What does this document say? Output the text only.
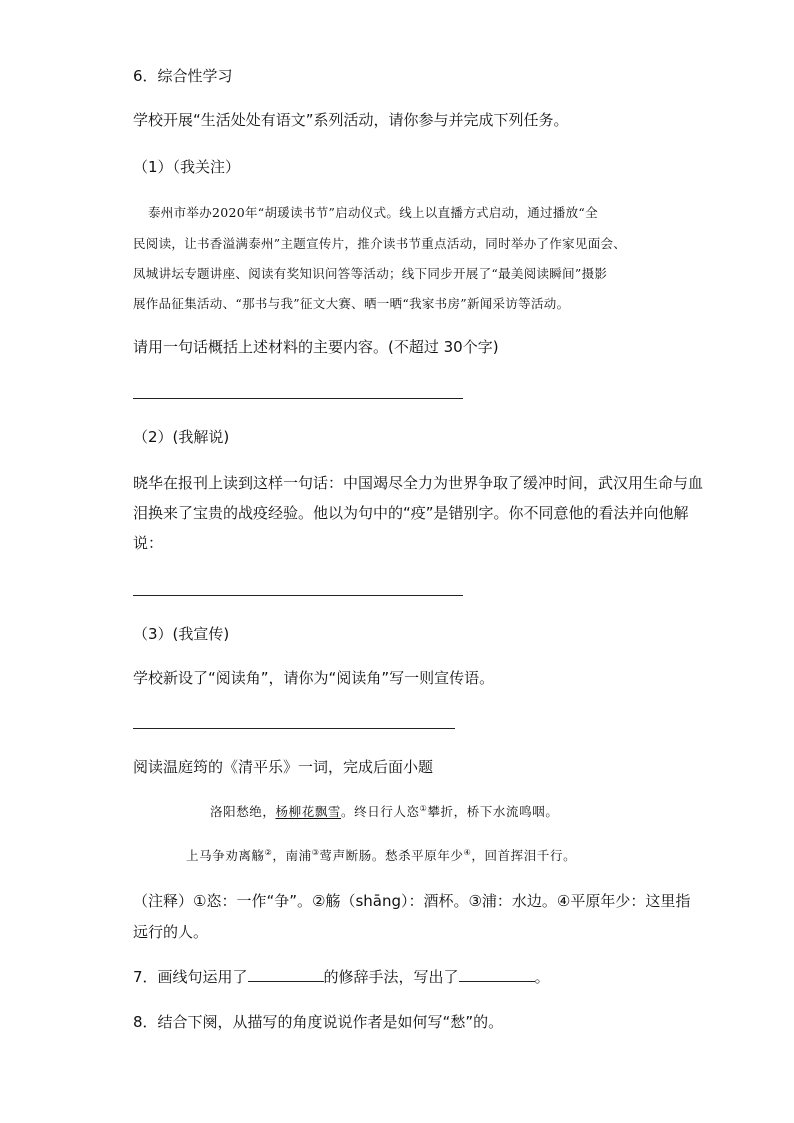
6．综合性学习
学校开展“生活处处有语文”系列活动，请你参与并完成下列任务。
（1）（我关注）
泰州市举办2020年“胡瑗读书节”启动仪式。线上以直播方式启动，通过播放“全
民阅读，让书香溢满泰州”主题宣传片，推介读书节重点活动，同时举办了作家见面会、
凤城讲坛专题讲座、阅读有奖知识问答等活动；线下同步开展了“最美阅读瞬间”摄影
展作品征集活动、“那书与我”征文大赛、晒一晒“我家书房”新闻采访等活动。
请用一句话概括上述材料的主要内容。(不超过 30个字)
（2）(我解说)
晓华在报刊上读到这样一句话：中国竭尽全力为世界争取了缓冲时间，武汉用生命与血
泪换来了宝贵的战疫经验。他以为句中的“疫”是错别字。你不同意他的看法并向他解
说：
（3）(我宣传)
学校新设了“阅读角”，请你为“阅读角”写一则宣传语。
阅读温庭筠的《清平乐》一词，完成后面小题
洛阳愁绝，杨柳花飘雪。终日行人恣①攀折，桥下水流鸣咽。
上马争劝离觞②，南浦③莺声断肠。愁杀平原年少④，回首挥泪千行。
（注释）①恣：一作“争”。②觞（shāng）：酒杯。③浦：水边。④平原年少：这里指
远行的人。
7．画线句运用了	的修辞手法，写出了	。
8．结合下阕，从描写的角度说说作者是如何写“愁”的。
